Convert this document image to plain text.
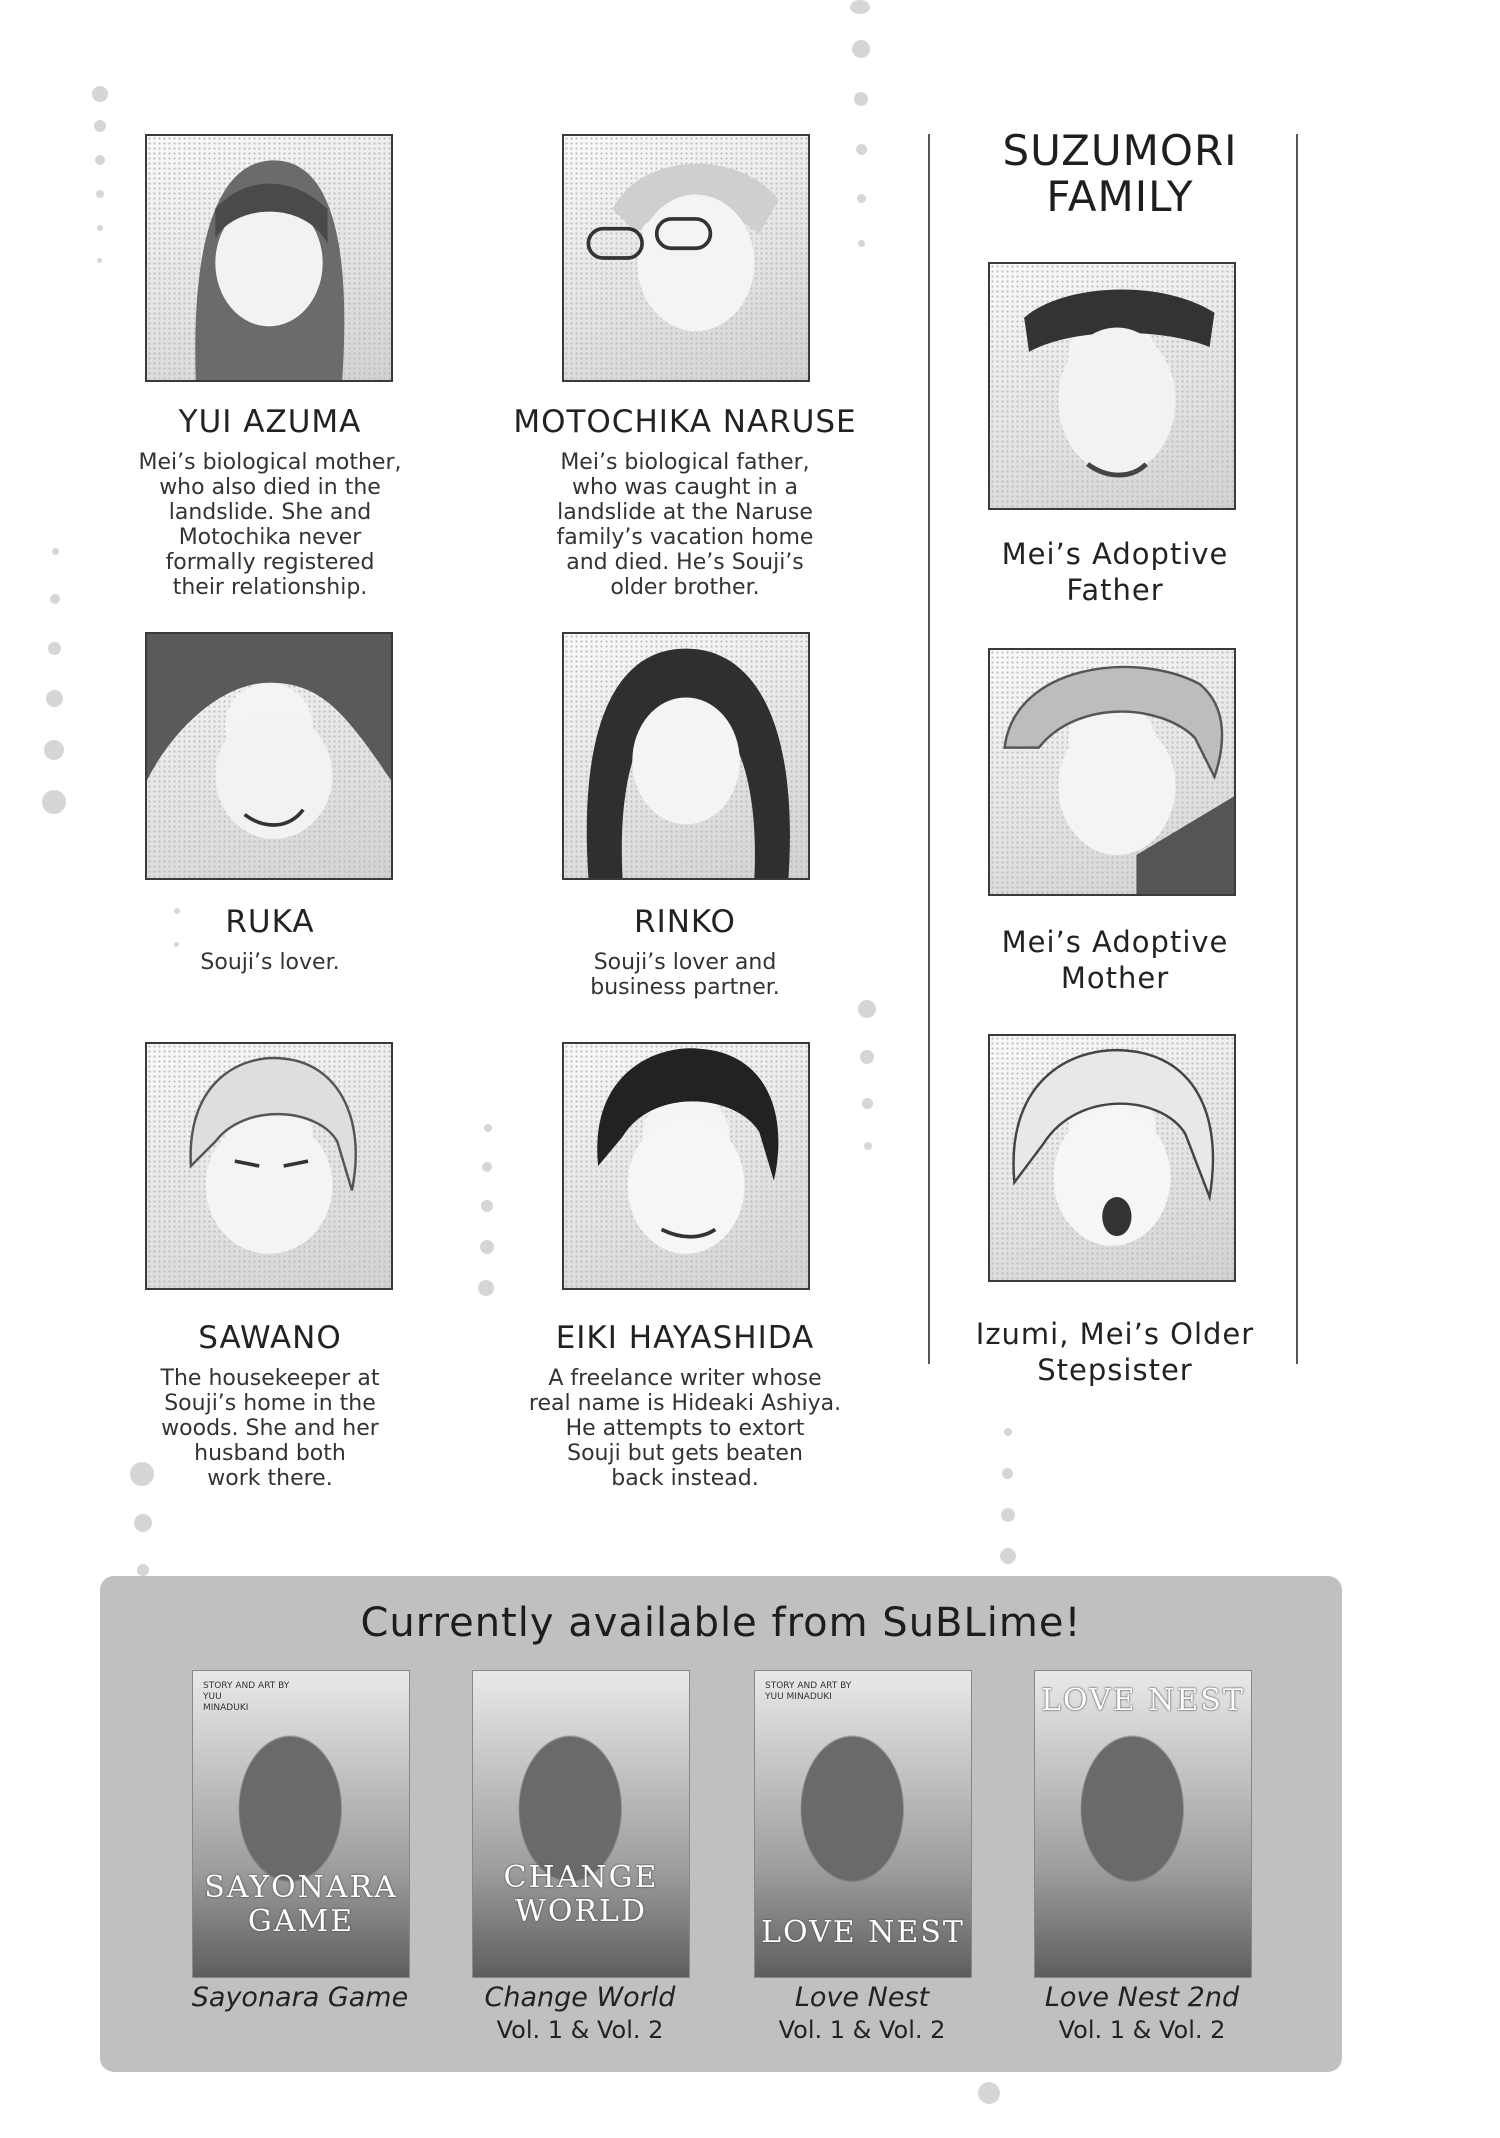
YUI AZUMA
Mei’s biological mother,
who also died in the
landslide. She and
Motochika never
formally registered
their relationship.
MOTOCHIKA NARUSE
Mei’s biological father,
who was caught in a
landslide at the Naruse
family’s vacation home
and died. He’s Souji’s
older brother.
RUKA
Souji’s lover.
RINKO
Souji’s lover and
business partner.
SAWANO
The housekeeper at
Souji’s home in the
woods. She and her
husband both
work there.
EIKI HAYASHIDA
A freelance writer whose
real name is Hideaki Ashiya.
He attempts to extort
Souji but gets beaten
back instead.
SUZUMORI
FAMILY
Mei’s Adoptive
Father
Mei’s Adoptive
Mother
Izumi, Mei’s Older
Stepsister
Currently available from SuBLime!
STORY AND ART BY
YUU
MINADUKI
SAYONARA
GAME
Sayonara Game
CHANGE
WORLD
Change World
Vol. 1 & Vol. 2
STORY AND ART BY
YUU MINADUKI
LOVE NEST
Love Nest
Vol. 1 & Vol. 2
LOVE NEST
Love Nest 2nd
Vol. 1 & Vol. 2
